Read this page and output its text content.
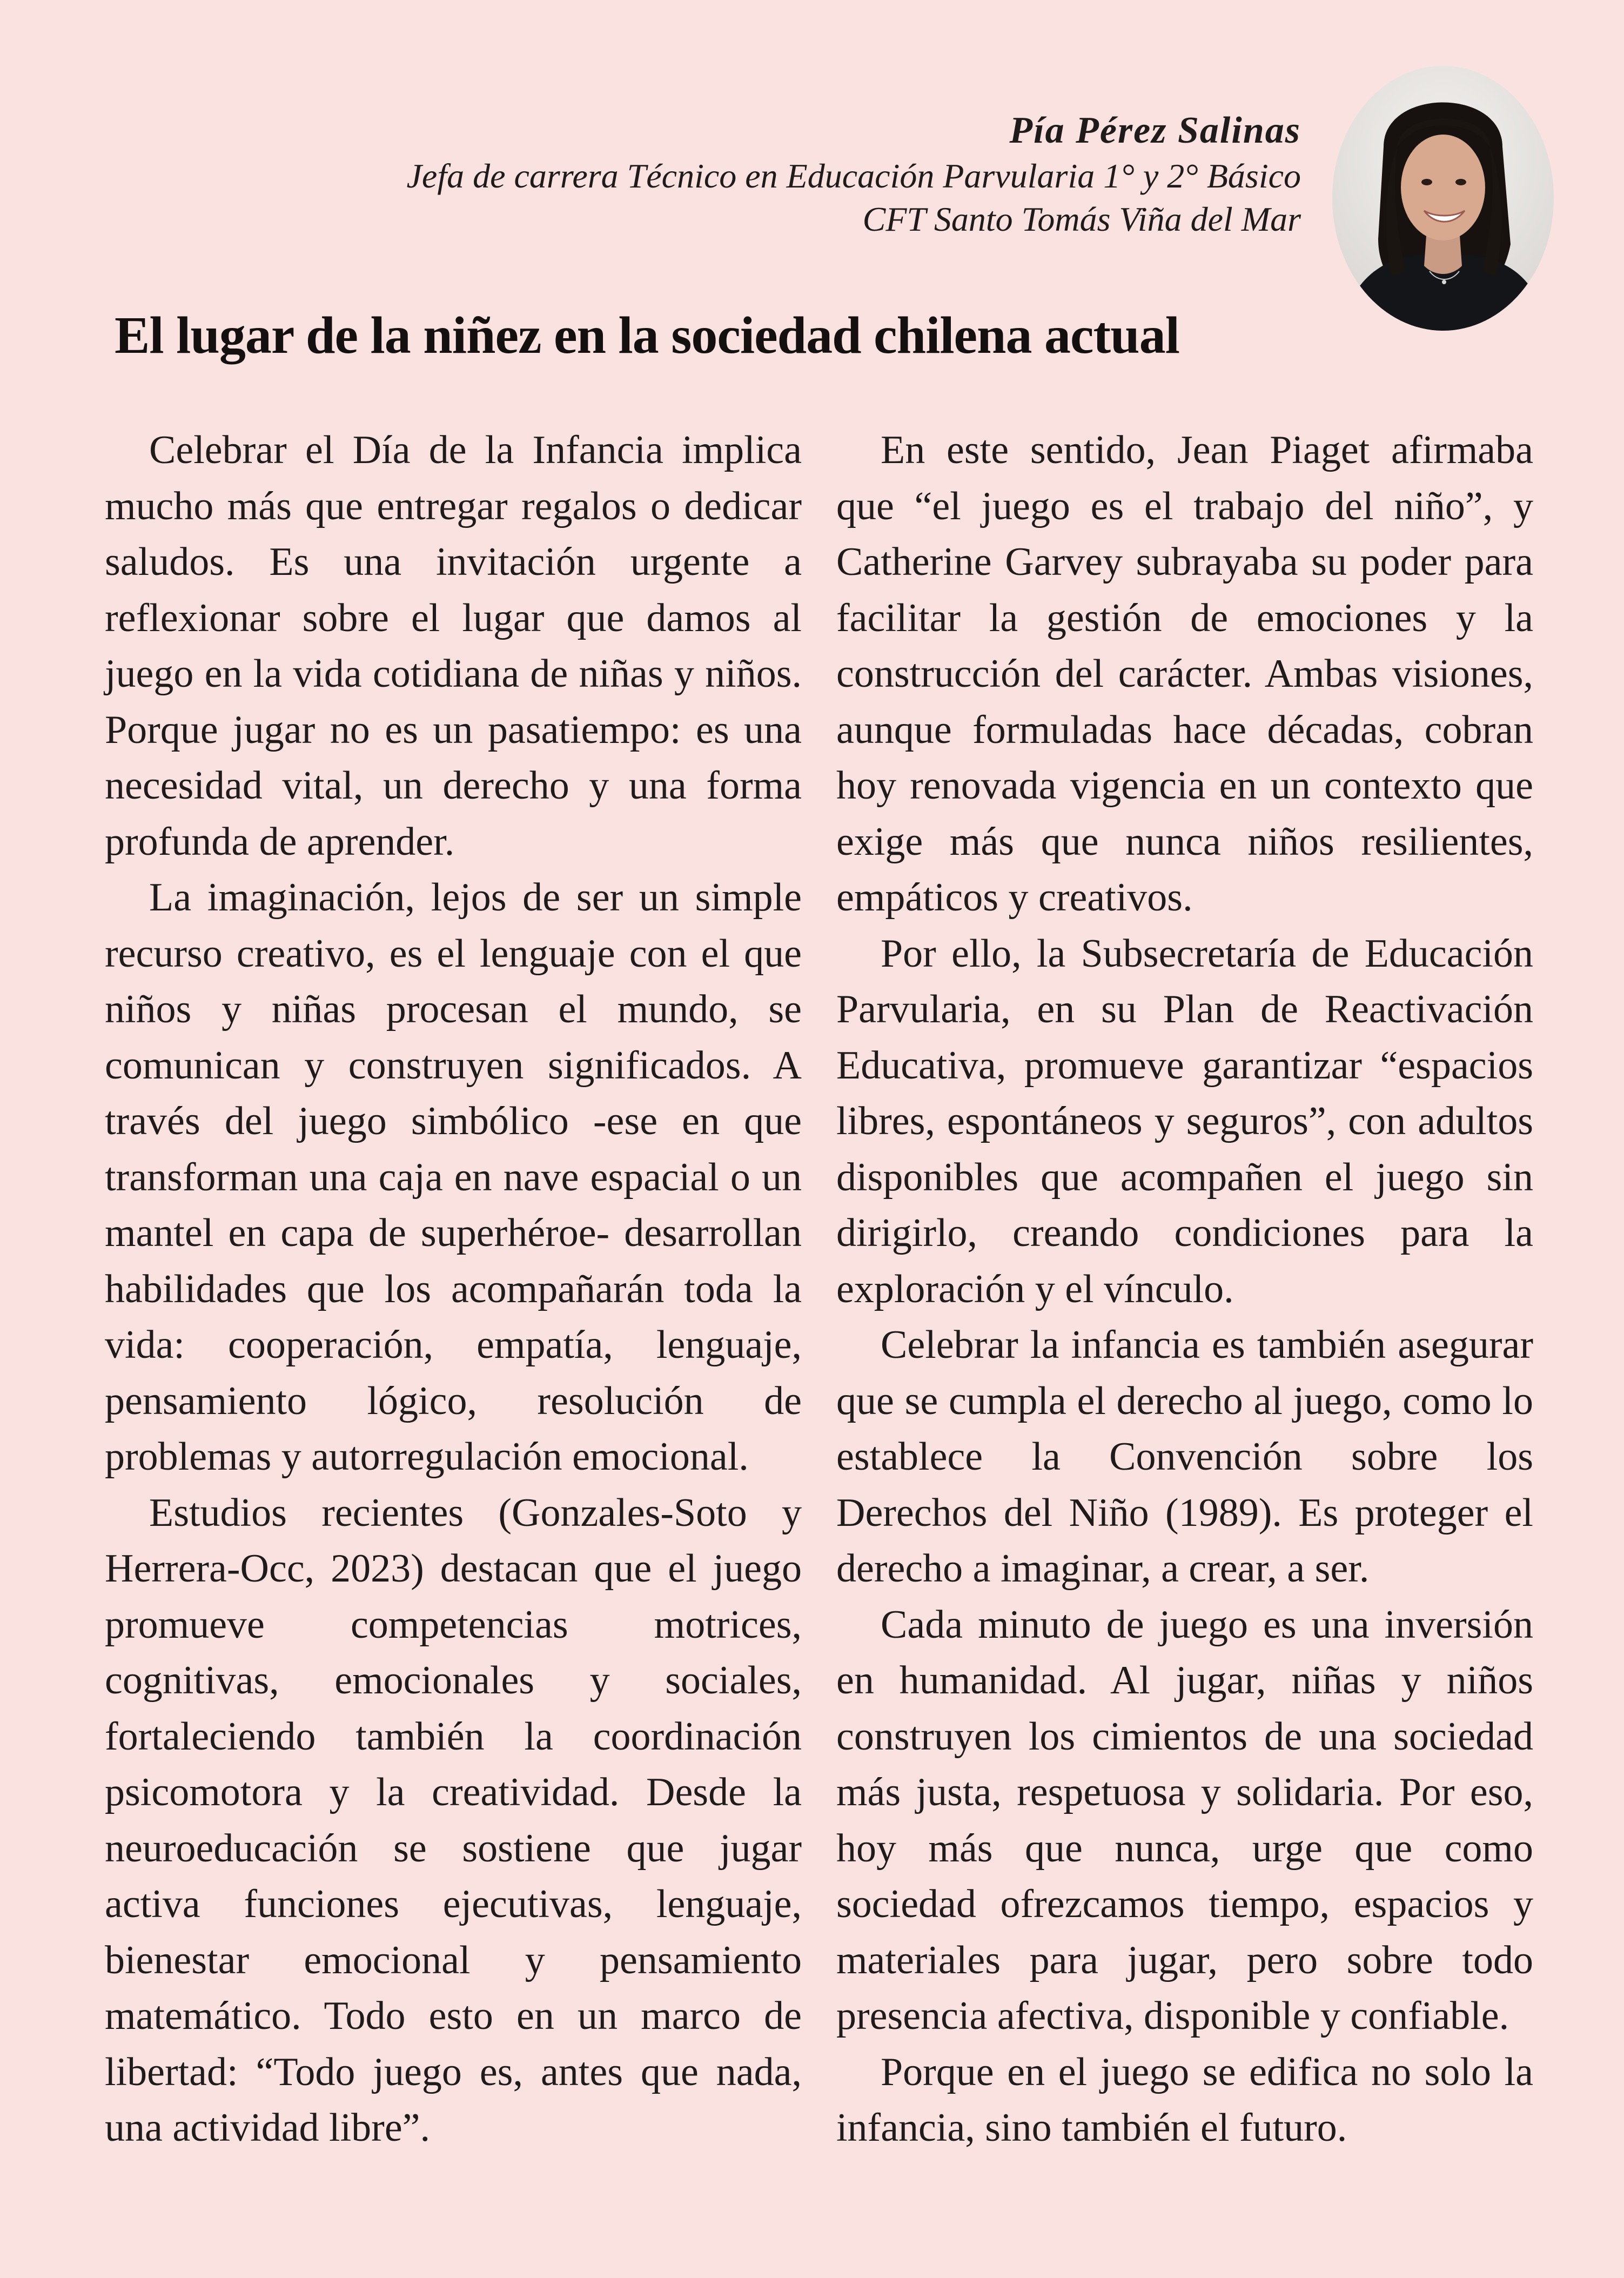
Pía Pérez Salinas
Jefa de carrera Técnico en Educación Parvularia 1° y 2° Básico
CFT Santo Tomás Viña del Mar
El lugar de la niñez en la sociedad chilena actual

Celebrar el Día de la Infancia implica mucho más que entregar regalos o dedicar saludos. Es una invitación urgente a reflexionar sobre el lugar que damos al juego en la vida cotidiana de niñas y niños. Porque jugar no es un pasatiempo: es una necesidad vital, un derecho y una forma profunda de aprender.

La imaginación, lejos de ser un simple recurso creativo, es el lenguaje con el que niños y niñas procesan el mundo, se comunican y construyen significados. A través del juego simbólico -ese en que transforman una caja en nave espacial o un mantel en capa de superhéroe- desarrollan habilidades que los acompañarán toda la vida: cooperación, empatía, lenguaje, pensamiento lógico, resolución de problemas y autorregulación emocional.

Estudios recientes (Gonzales-Soto y Herrera-Occ, 2023) destacan que el juego promueve competencias motrices, cognitivas, emocionales y sociales, fortaleciendo también la coordinación psicomotora y la creatividad. Desde la neuroeducación se sostiene que jugar activa funciones ejecutivas, lenguaje, bienestar emocional y pensamiento matemático. Todo esto en un marco de libertad: “Todo juego es, antes que nada, una actividad libre”.

En este sentido, Jean Piaget afirmaba que “el juego es el trabajo del niño”, y Catherine Garvey subrayaba su poder para facilitar la gestión de emociones y la construcción del carácter. Ambas visiones, aunque formuladas hace décadas, cobran hoy renovada vigencia en un contexto que exige más que nunca niños resilientes, empáticos y creativos.

Por ello, la Subsecretaría de Educación Parvularia, en su Plan de Reactivación Educativa, promueve garantizar “espacios libres, espontáneos y seguros”, con adultos disponibles que acompañen el juego sin dirigirlo, creando condiciones para la exploración y el vínculo.

Celebrar la infancia es también asegurar que se cumpla el derecho al juego, como lo establece la Convención sobre los Derechos del Niño (1989). Es proteger el derecho a imaginar, a crear, a ser.

Cada minuto de juego es una inversión en humanidad. Al jugar, niñas y niños construyen los cimientos de una sociedad más justa, respetuosa y solidaria. Por eso, hoy más que nunca, urge que como sociedad ofrezcamos tiempo, espacios y materiales para jugar, pero sobre todo presencia afectiva, disponible y confiable.

Porque en el juego se edifica no solo la infancia, sino también el futuro.
